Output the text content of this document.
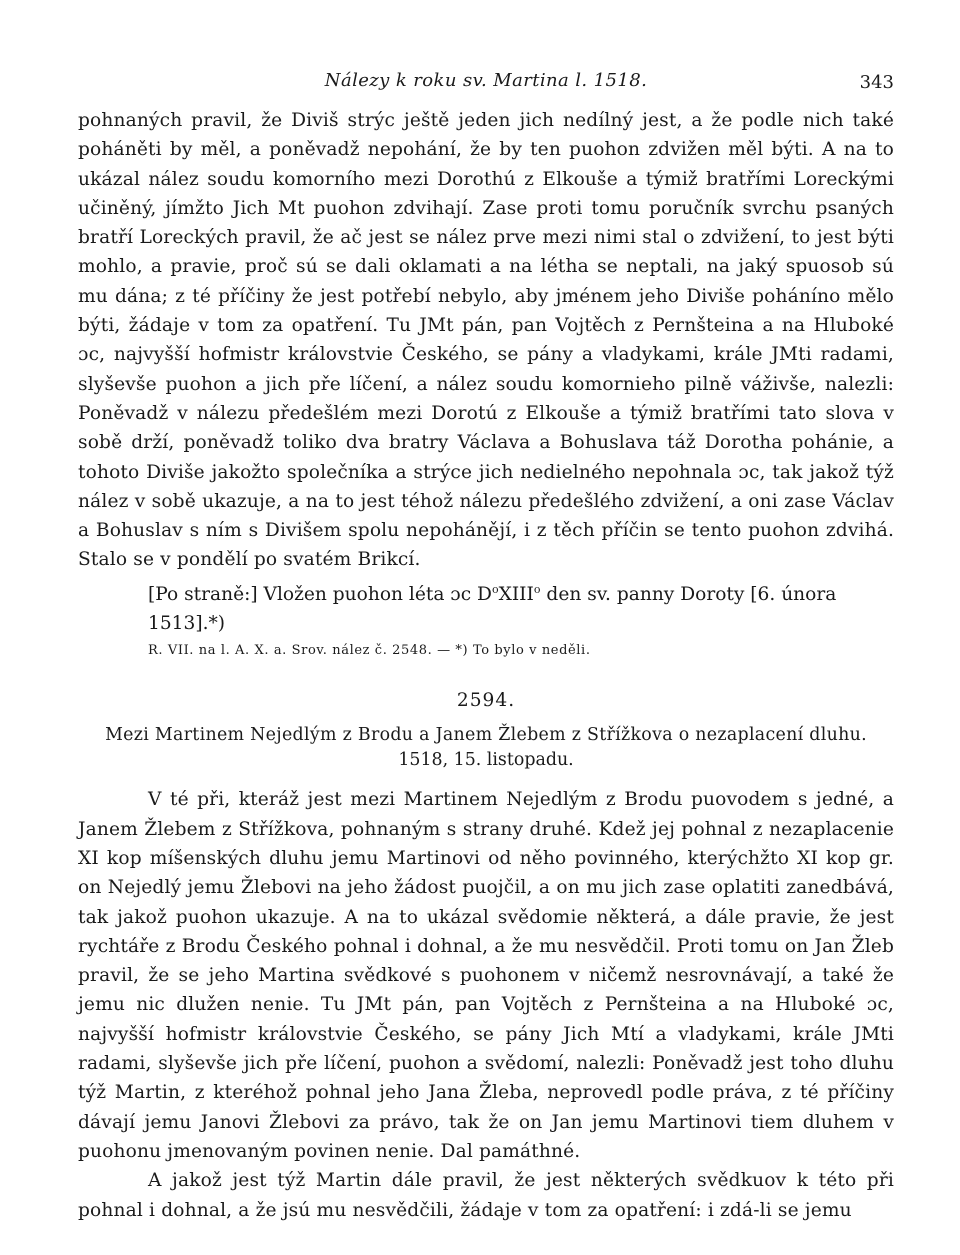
Nálezy k roku sv. Martina l. 1518.	343

pohnaných pravil, že Diviš strýc ještě jeden jich nedílný jest, a že podle nich také poháněti by měl, a poněvadž nepohání, že by ten puohon zdvižen měl býti. A na to ukázal nález soudu komorního mezi Dorothú z Elkouše a týmiž bratřími Loreckými učiněný, jímžto Jich Mt puohon zdvihají. Zase proti tomu poručník svrchu psaných bratří Loreckých pravil, že ač jest se nález prve mezi nimi stal o zdvižení, to jest býti mohlo, a pravie, proč sú se dali oklamati a na létha se neptali, na jaký spuosob sú mu dána; z té příčiny že jest potřebí nebylo, aby jménem jeho Diviše poháníno mělo býti, žádaje v tom za opatření. Tu JMt pán, pan Vojtěch z Pernšteina a na Hluboké ɔc, najvyšší hofmistr královstvie Českého, se pány a vladykami, krále JMti radami, slyševše puohon a jich pře líčení, a nález soudu komornieho pilně váživše, nalezli: Poněvadž v nálezu předešlém mezi Dorotú z Elkouše a týmiž bratřími tato slova v sobě drží, poněvadž toliko dva bratry Václava a Bohuslava táž Dorotha pohánie, a tohoto Diviše jakožto společníka a strýce jich nedielného nepohnala ɔc, tak jakož týž nález v sobě ukazuje, a na to jest téhož nálezu předešlého zdvižení, a oni zase Václav a Bohuslav s ním s Divišem spolu nepohánějí, i z těch příčin se tento puohon zdvihá. Stalo se v pondělí po svatém Brikcí.

[Po straně:] Vložen puohon léta ɔc $D^oXIII^o$ den sv. panny Doroty [6. února 1513].*)

R. VII. na l. A. X. a. Srov. nález č. 2548. — *) To bylo v neděli.

2594.
Mezi Martinem Nejedlým z Brodu a Janem Žlebem z Střížkova o nezaplacení dluhu.
1518, 15. listopadu.

V té při, kteráž jest mezi Martinem Nejedlým z Brodu puovodem s jedné, a Janem Žlebem z Střížkova, pohnaným s strany druhé. Kdež jej pohnal z nezaplacenie XI kop míšenských dluhu jemu Martinovi od něho povinného, kterýchžto XI kop gr. on Nejedlý jemu Žlebovi na jeho žádost puojčil, a on mu jich zase oplatiti zanedbává, tak jakož puohon ukazuje. A na to ukázal svědomie některá, a dále pravie, že jest rychtáře z Brodu Českého pohnal i dohnal, a že mu nesvědčil. Proti tomu on Jan Žleb pravil, že se jeho Martina svědkové s puohonem v ničemž nesrovnávají, a také že jemu nic dlužen nenie. Tu JMt pán, pan Vojtěch z Pernšteina a na Hluboké ɔc, najvyšší hofmistr královstvie Českého, se pány Jich Mtí a vladykami, krále JMti radami, slyševše jich pře líčení, puohon a svědomí, nalezli: Poněvadž jest toho dluhu týž Martin, z kteréhož pohnal jeho Jana Žleba, neprovedl podle práva, z té příčiny dávají jemu Janovi Žlebovi za právo, tak že on Jan jemu Martinovi tiem dluhem v puohonu jmenovaným povinen nenie. Dal památhné.

A jakož jest týž Martin dále pravil, že jest některých svědkuov k této při pohnal i dohnal, a že jsú mu nesvědčili, žádaje v tom za opatření: i zdá-li se jemu
